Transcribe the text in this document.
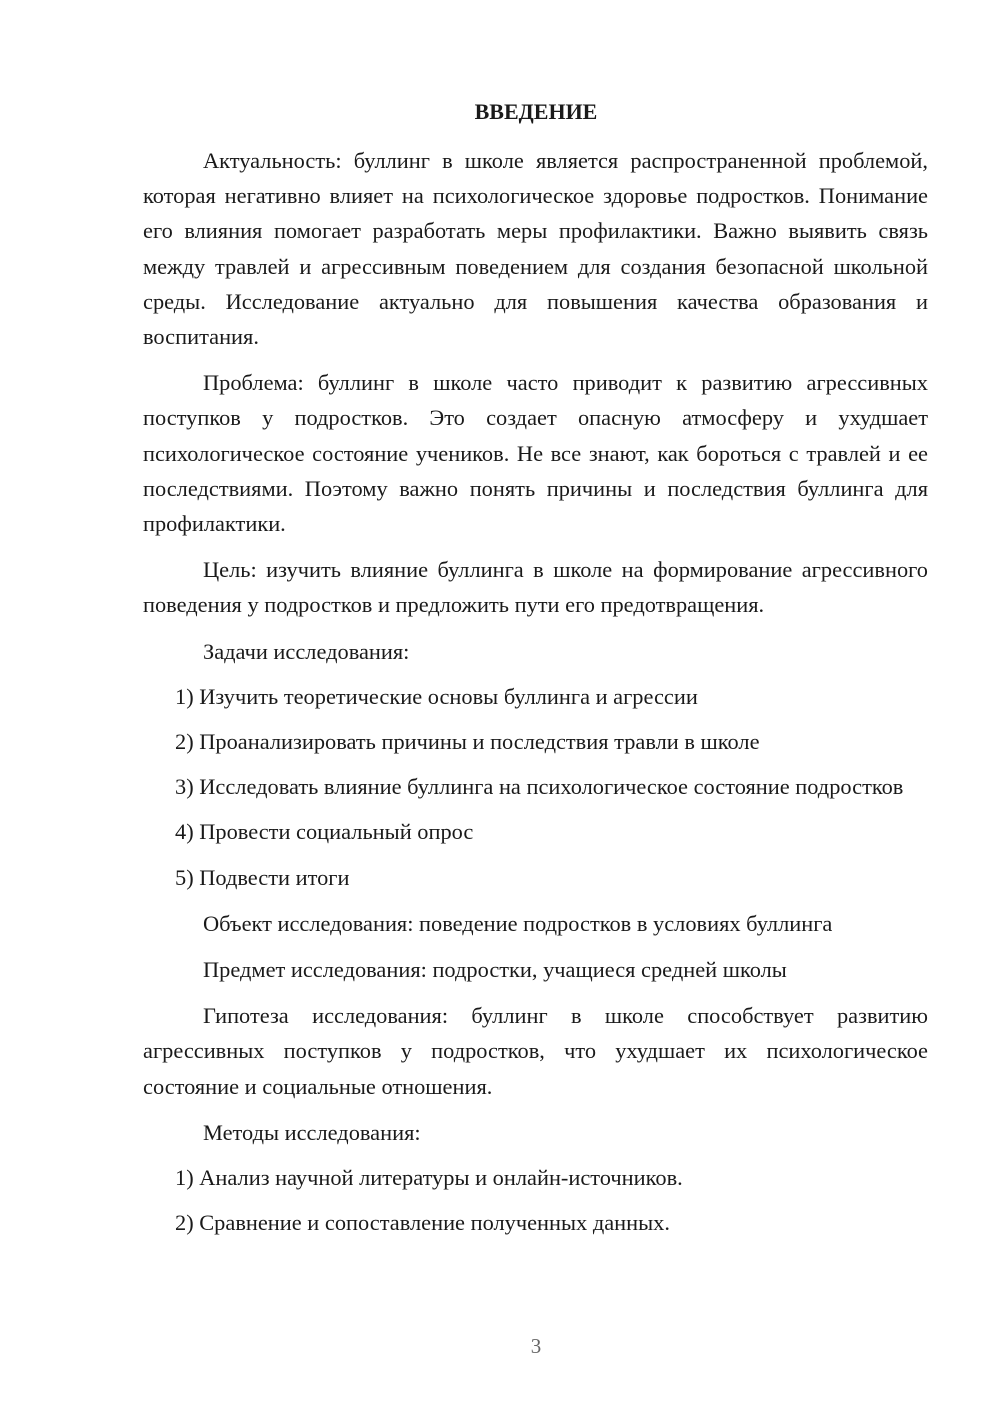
ВВЕДЕНИЕ

Актуальность: буллинг в школе является распространенной проблемой, которая негативно влияет на психологическое здоровье подростков. Понимание его влияния помогает разработать меры профилактики. Важно выявить связь между травлей и агрессивным поведением для создания безопасной школьной среды. Исследование актуально для повышения качества образования и воспитания.

Проблема: буллинг в школе часто приводит к развитию агрессивных поступков у подростков. Это создает опасную атмосферу и ухудшает психологическое состояние учеников. Не все знают, как бороться с травлей и ее последствиями. Поэтому важно понять причины и последствия буллинга для профилактики.

Цель: изучить влияние буллинга в школе на формирование агрессивного поведения у подростков и предложить пути его предотвращения.

Задачи исследования:

1) Изучить теоретические основы буллинга и агрессии

2) Проанализировать причины и последствия травли в школе

3) Исследовать влияние буллинга на психологическое состояние подростков

4) Провести социальный опрос

5) Подвести итоги

Объект исследования: поведение подростков в условиях буллинга

Предмет исследования: подростки, учащиеся средней школы

Гипотеза исследования: буллинг в школе способствует развитию агрессивных поступков у подростков, что ухудшает их психологическое состояние и социальные отношения.

Методы исследования:

1) Анализ научной литературы и онлайн-источников.

2) Сравнение и сопоставление полученных данных.

3
